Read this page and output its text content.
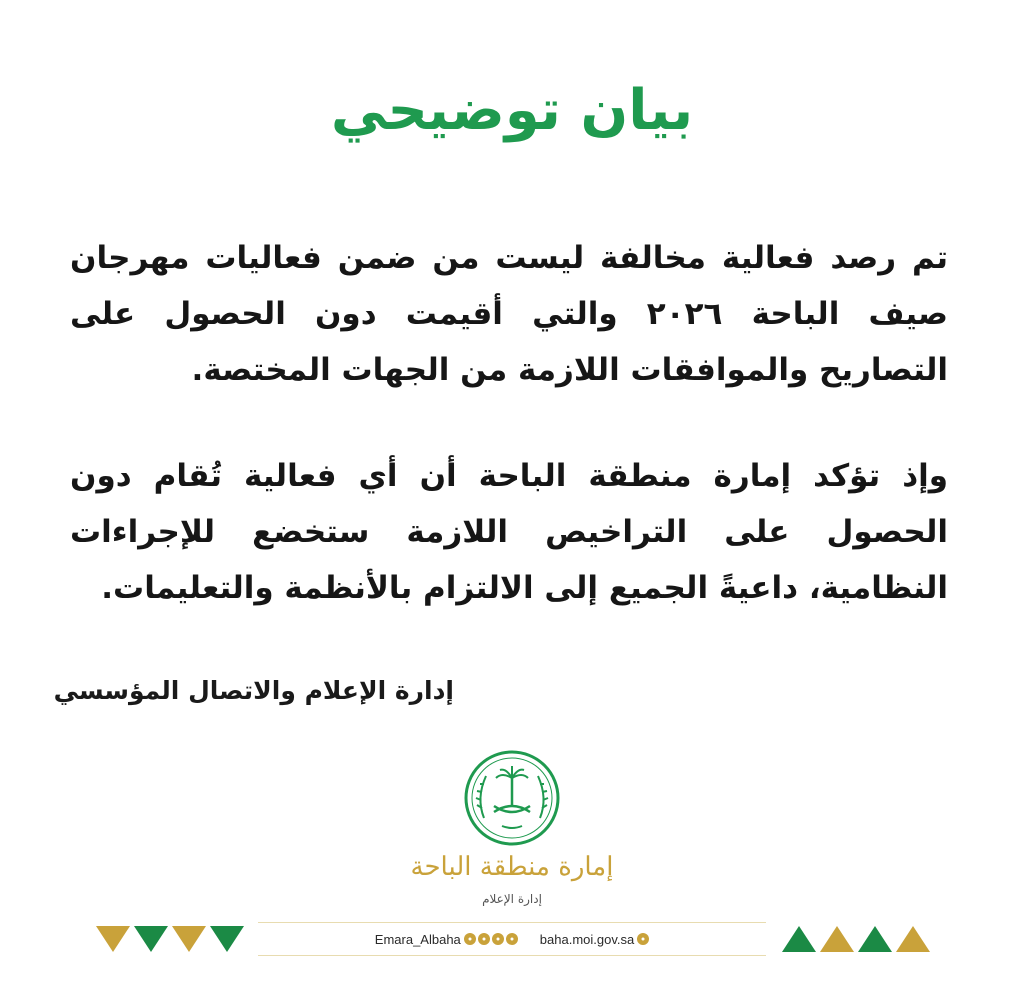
بيان توضيحي

تم رصد فعالية مخالفة ليست من ضمن فعاليات مهرجان صيف الباحة ٢٠٢٦ والتي أقيمت دون الحصول على التصاريح والموافقات اللازمة من الجهات المختصة.

وإذ تؤكد إمارة منطقة الباحة أن أي فعالية تُقام دون الحصول على التراخيص اللازمة ستخضع للإجراءات النظامية، داعيةً الجميع إلى الالتزام بالأنظمة والتعليمات.

إدارة الإعلام والاتصال المؤسسي
إمارة منطقة الباحة
إدارة الإعلام
Emara_Albaha	baha.moi.gov.sa
